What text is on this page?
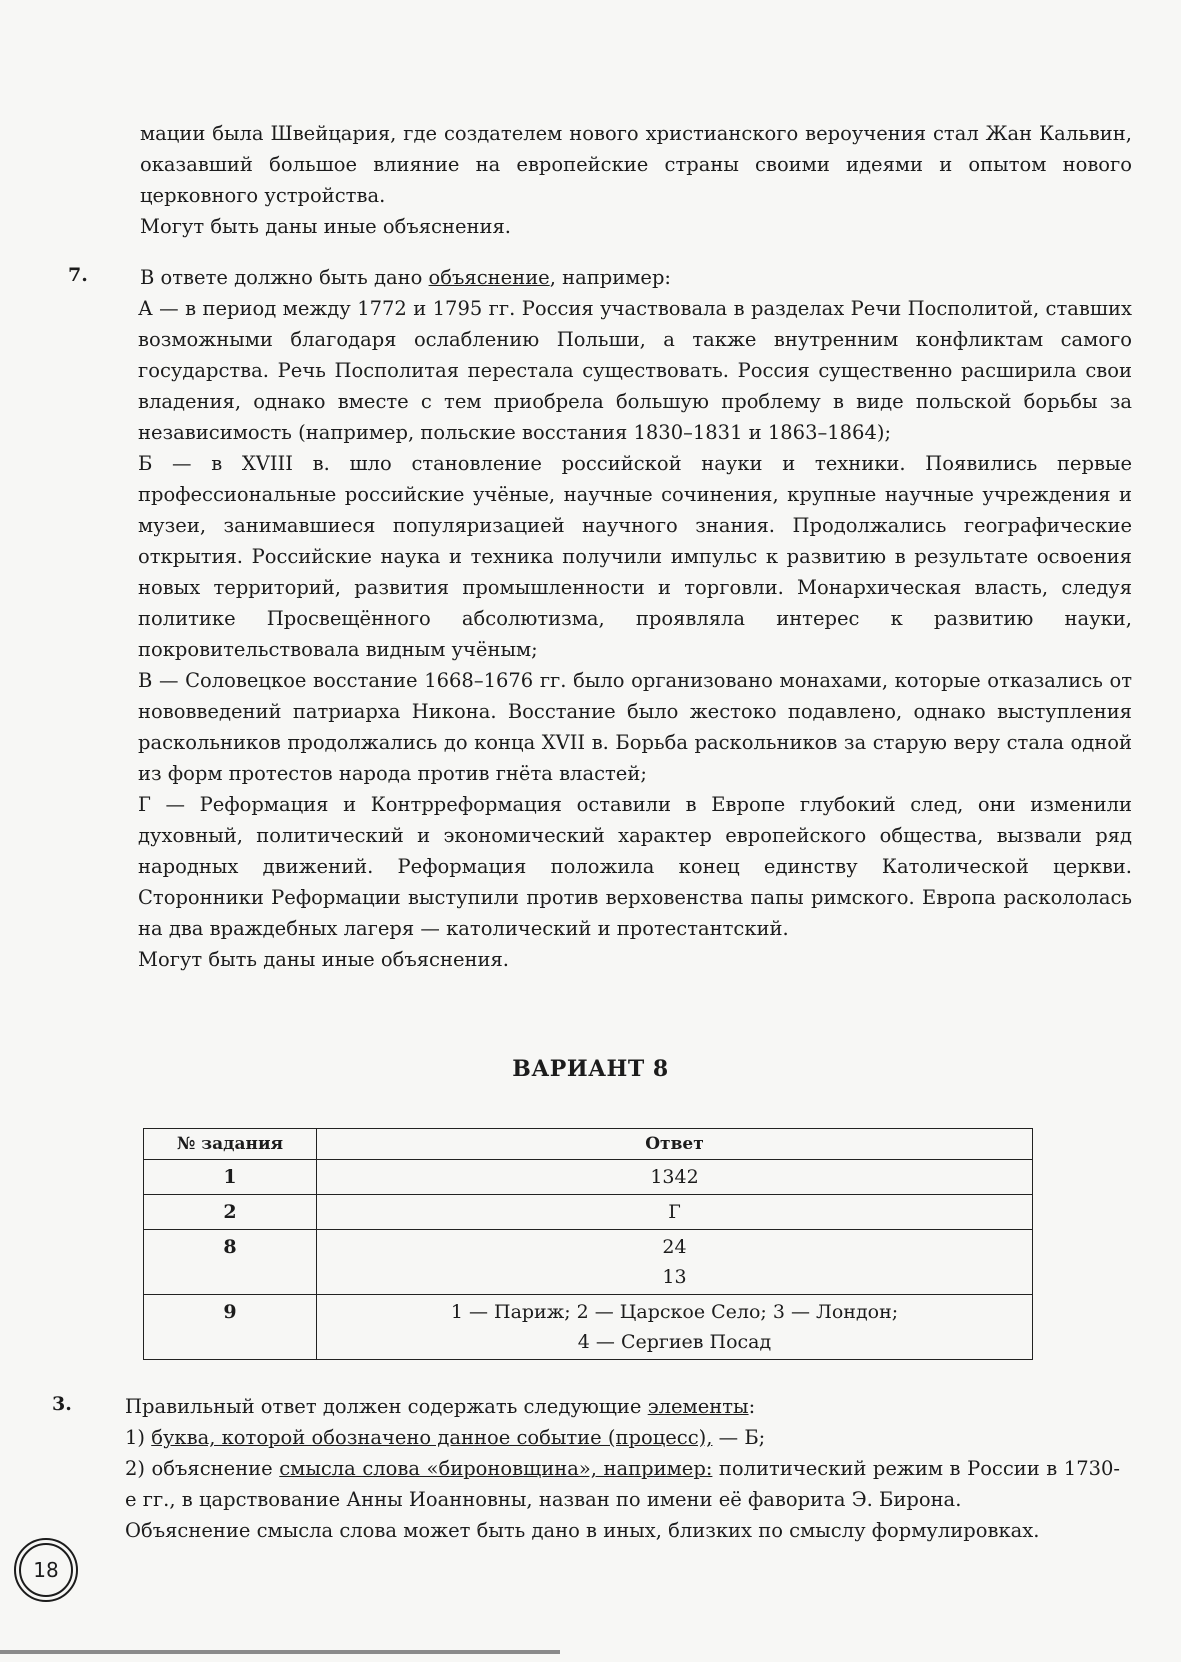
мации была Швейцария, где создателем нового христианского вероучения стал Жан Кальвин, оказавший большое влияние на европейские страны своими идеями и опытом нового церковного устройства.

Могут быть даны иные объяснения.

7.	В ответе должно быть дано объяснение, например:

А — в период между 1772 и 1795 гг. Россия участвовала в разделах Речи Посполитой, ставших возможными благодаря ослаблению Польши, а также внутренним конфликтам самого государства. Речь Посполитая перестала существовать. Россия существенно расширила свои владения, однако вместе с тем приобрела большую проблему в виде польской борьбы за независимость (например, польские восстания 1830–1831 и 1863–1864);

Б — в XVIII в. шло становление российской науки и техники. Появились первые профессиональные российские учёные, научные сочинения, крупные научные учреждения и музеи, занимавшиеся популяризацией научного знания. Продолжались географические открытия. Российские наука и техника получили импульс к развитию в результате освоения новых территорий, развития промышленности и торговли. Монархическая власть, следуя политике Просвещённого абсолютизма, проявляла интерес к развитию науки, покровительствовала видным учёным;

В — Соловецкое восстание 1668–1676 гг. было организовано монахами, которые отказались от нововведений патриарха Никона. Восстание было жестоко подавлено, однако выступления раскольников продолжались до конца XVII в. Борьба раскольников за старую веру стала одной из форм протестов народа против гнёта властей;

Г — Реформация и Контрреформация оставили в Европе глубокий след, они изменили духовный, политический и экономический характер европейского общества, вызвали ряд народных движений. Реформация положила конец единству Католической церкви. Сторонники Реформации выступили против верховенства папы римского. Европа раскололась на два враждебных лагеря — католический и протестантский.

Могут быть даны иные объяснения.

ВАРИАНТ 8
№ задания	Ответ
1	1342

2	Г

8	24
13

9	1 — Париж; 2 — Царское Село; 3 — Лондон;
4 — Сергиев Посад
3.	Правильный ответ должен содержать следующие элементы:

1) буква, которой обозначено данное событие (процесс), — Б;

2) объяснение смысла слова «бироновщина», например: политический режим в России в 1730-е гг., в царствование Анны Иоанновны, назван по имени её фаворита Э. Бирона.

Объяснение смысла слова может быть дано в иных, близких по смыслу формулировках.

18
